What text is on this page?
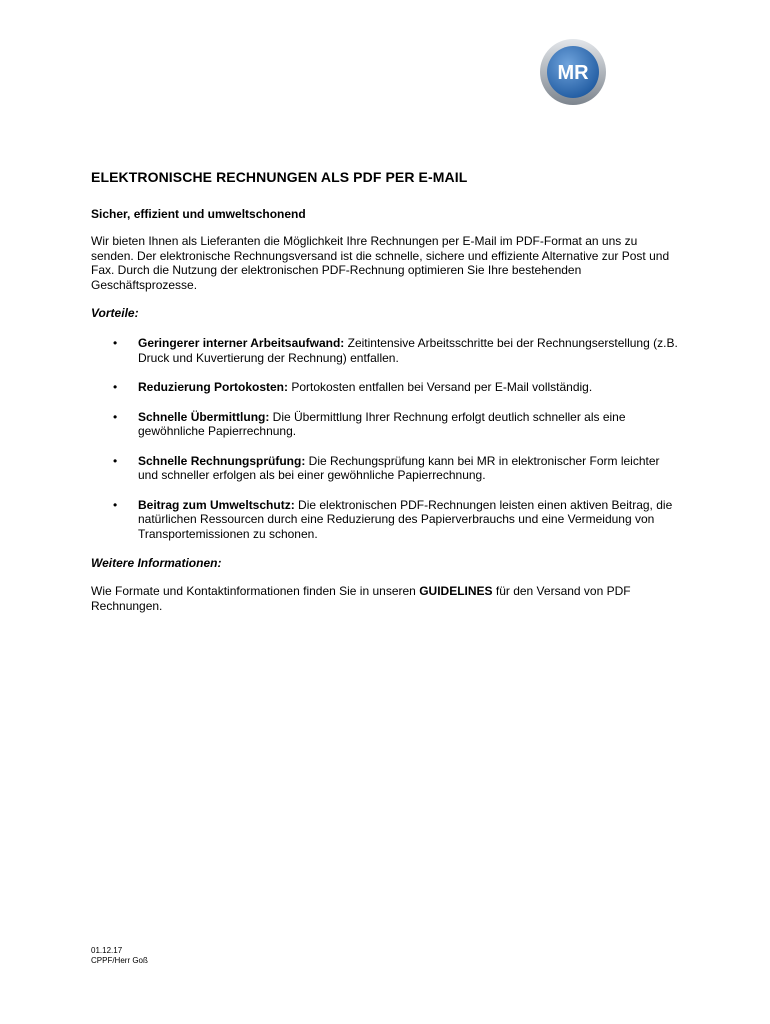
MR
ELEKTRONISCHE RECHNUNGEN ALS PDF PER E-MAIL
Sicher, effizient und umweltschonend

Wir bieten Ihnen als Lieferanten die Möglichkeit Ihre Rechnungen per E-Mail im PDF-Format an uns zu senden. Der elektronische Rechnungsversand ist die schnelle, sichere und effiziente Alternative zur Post und Fax. Durch die Nutzung der elektronischen PDF-Rechnung optimieren Sie Ihre bestehenden Geschäftsprozesse.

Vorteile:
• Geringerer interner Arbeitsaufwand: Zeitintensive Arbeitsschritte bei der Rechnungserstellung (z.B. Druck und Kuvertierung der Rechnung) entfallen.
• Reduzierung Portokosten: Portokosten entfallen bei Versand per E-Mail vollständig.
• Schnelle Übermittlung: Die Übermittlung Ihrer Rechnung erfolgt deutlich schneller als eine gewöhnliche Papierrechnung.
• Schnelle Rechnungsprüfung: Die Rechungsprüfung kann bei MR in elektronischer Form leichter und schneller erfolgen als bei einer gewöhnliche Papierrechnung.
• Beitrag zum Umweltschutz: Die elektronischen PDF-Rechnungen leisten einen aktiven Beitrag, die natürlichen Ressourcen durch eine Reduzierung des Papierverbrauchs und eine Vermeidung von Transportemissionen zu schonen.
Weitere Informationen:

Wie Formate und Kontaktinformationen finden Sie in unseren GUIDELINES für den Versand von PDF Rechnungen.

01.12.17
CPPF/Herr Goß
